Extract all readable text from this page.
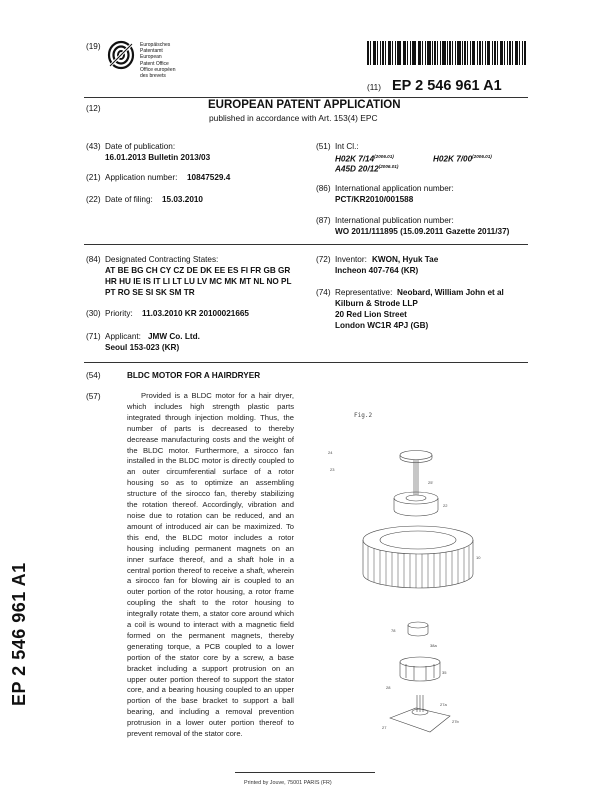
(19)	Europäisches
Patentamt
European
Patent Office
Office européen
des brevets
(11) EP 2 546 961 A1
(12)	EUROPEAN PATENT APPLICATION
published in accordance with Art. 153(4) EPC
(43) Date of publication:
16.01.2013 Bulletin 2013/03
(21) Application number: 10847529.4
(22) Date of filing: 15.03.2010
(51) Int Cl.:
H02K $7/14^{(2006.01)}$	H02K $7/00^{(2006.01)}$
A45D $20/12^{(2006.01)}$
(86) International application number:
PCT/KR2010/001588
(87) International publication number:
WO 2011/111895 (15.09.2011 Gazette 2011/37)
(84) Designated Contracting States:
AT BE BG CH CY CZ DE DK EE ES FI FR GB GR
HR HU IE IS IT LI LT LU LV MC MK MT NL NO PL
PT RO SE SI SK SM TR
(30) Priority: 11.03.2010 KR 20100021665
(71) Applicant: JMW Co. Ltd.
Seoul 153-023 (KR)
(72) Inventor: KWON, Hyuk Tae
Incheon 407-764 (KR)
(74) Representative: Neobard, William John et al
Kilburn & Strode LLP
20 Red Lion Street
London WC1R 4PJ (GB)
(54)	BLDC MOTOR FOR A HAIRDRYER
(57)	Provided is a BLDC motor for a hair dryer, which includes high strength plastic parts integrated through injection molding. Thus, the number of parts is decreased to thereby decrease manufacturing costs and the weight of the BLDC motor. Furthermore, a sirocco fan installed in the BLDC motor is directly coupled to an outer circumferential surface of a rotor housing so as to optimize an assembling structure of the sirocco fan, thereby stabilizing the rotation thereof. Accordingly, vibration and noise due to rotation can be reduced, and an amount of introduced air can be maximized. To this end, the BLDC motor includes a rotor housing including permanent magnets on an inner surface thereof, and a shaft hole in a central portion thereof to receive a shaft, wherein a sirocco fan for blowing air is coupled to an outer portion of the rotor housing, a rotor frame coupling the shaft to the rotor housing to integrally rotate them, a stator core around which a coil is wound to interact with a magnetic field formed on the permanent magnets, thereby generating torque, a PCB coupled to a lower portion of the stator core by a screw, a base bracket including a support protrusion on an upper outer portion thereof to support the stator core, and a bearing housing coupled to an upper portion of the base bracket to support a ball bearing, and including a removal prevention protrusion in a lower outer portion thereof to prevent removal of the stator core.
Fig.2
24
23
25'
22
10
78
38a
35
28
27a
27b
27
EP 2 546 961 A1
Printed by Jouve, 75001 PARIS (FR)
